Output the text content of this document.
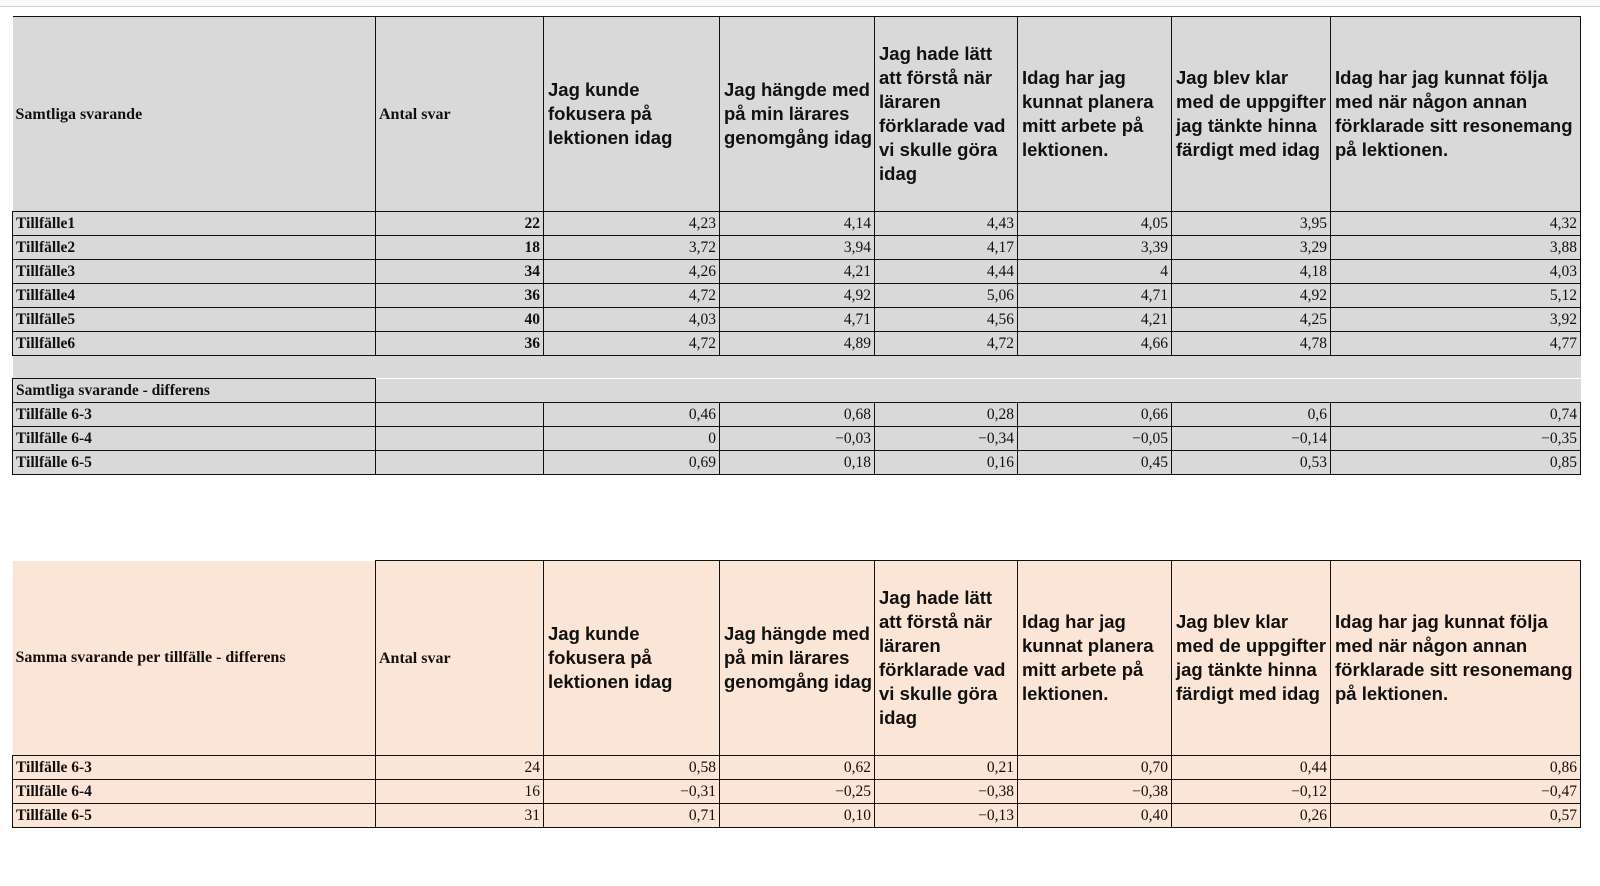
Samtliga svarande	Antal svar	Jag kunde fokusera på lektionen idag	Jag hängde med på min lärares genomgång idag	Jag hade lätt att förstå när läraren förklarade vad vi skulle göra idag	Idag har jag kunnat planera mitt arbete på lektionen.	Jag blev klar med de uppgifter jag tänkte hinna färdigt med idag	Idag har jag kunnat följa med när någon annan förklarade sitt resonemang på lektionen.
Tillfälle1	22	4,23	4,14	4,43	4,05	3,95	4,32
Tillfälle2	18	3,72	3,94	4,17	3,39	3,29	3,88
Tillfälle3	34	4,26	4,21	4,44	4	4,18	4,03
Tillfälle4	36	4,72	4,92	5,06	4,71	4,92	5,12
Tillfälle5	40	4,03	4,71	4,56	4,21	4,25	3,92
Tillfälle6	36	4,72	4,89	4,72	4,66	4,78	4,77

Samtliga svarande - differens							
Tillfälle 6-3		0,46	0,68	0,28	0,66	0,6	0,74
Tillfälle 6-4		0	−0,03	−0,34	−0,05	−0,14	−0,35
Tillfälle 6-5		0,69	0,18	0,16	0,45	0,53	0,85
Samma svarande per tillfälle - differens	Antal svar	Jag kunde fokusera på lektionen idag	Jag hängde med på min lärares genomgång idag	Jag hade lätt att förstå när läraren förklarade vad vi skulle göra idag	Idag har jag kunnat planera mitt arbete på lektionen.	Jag blev klar med de uppgifter jag tänkte hinna färdigt med idag	Idag har jag kunnat följa med när någon annan förklarade sitt resonemang på lektionen.
Tillfälle 6-3	24	0,58	0,62	0,21	0,70	0,44	0,86
Tillfälle 6-4	16	−0,31	−0,25	−0,38	−0,38	−0,12	−0,47
Tillfälle 6-5	31	0,71	0,10	−0,13	0,40	0,26	0,57
